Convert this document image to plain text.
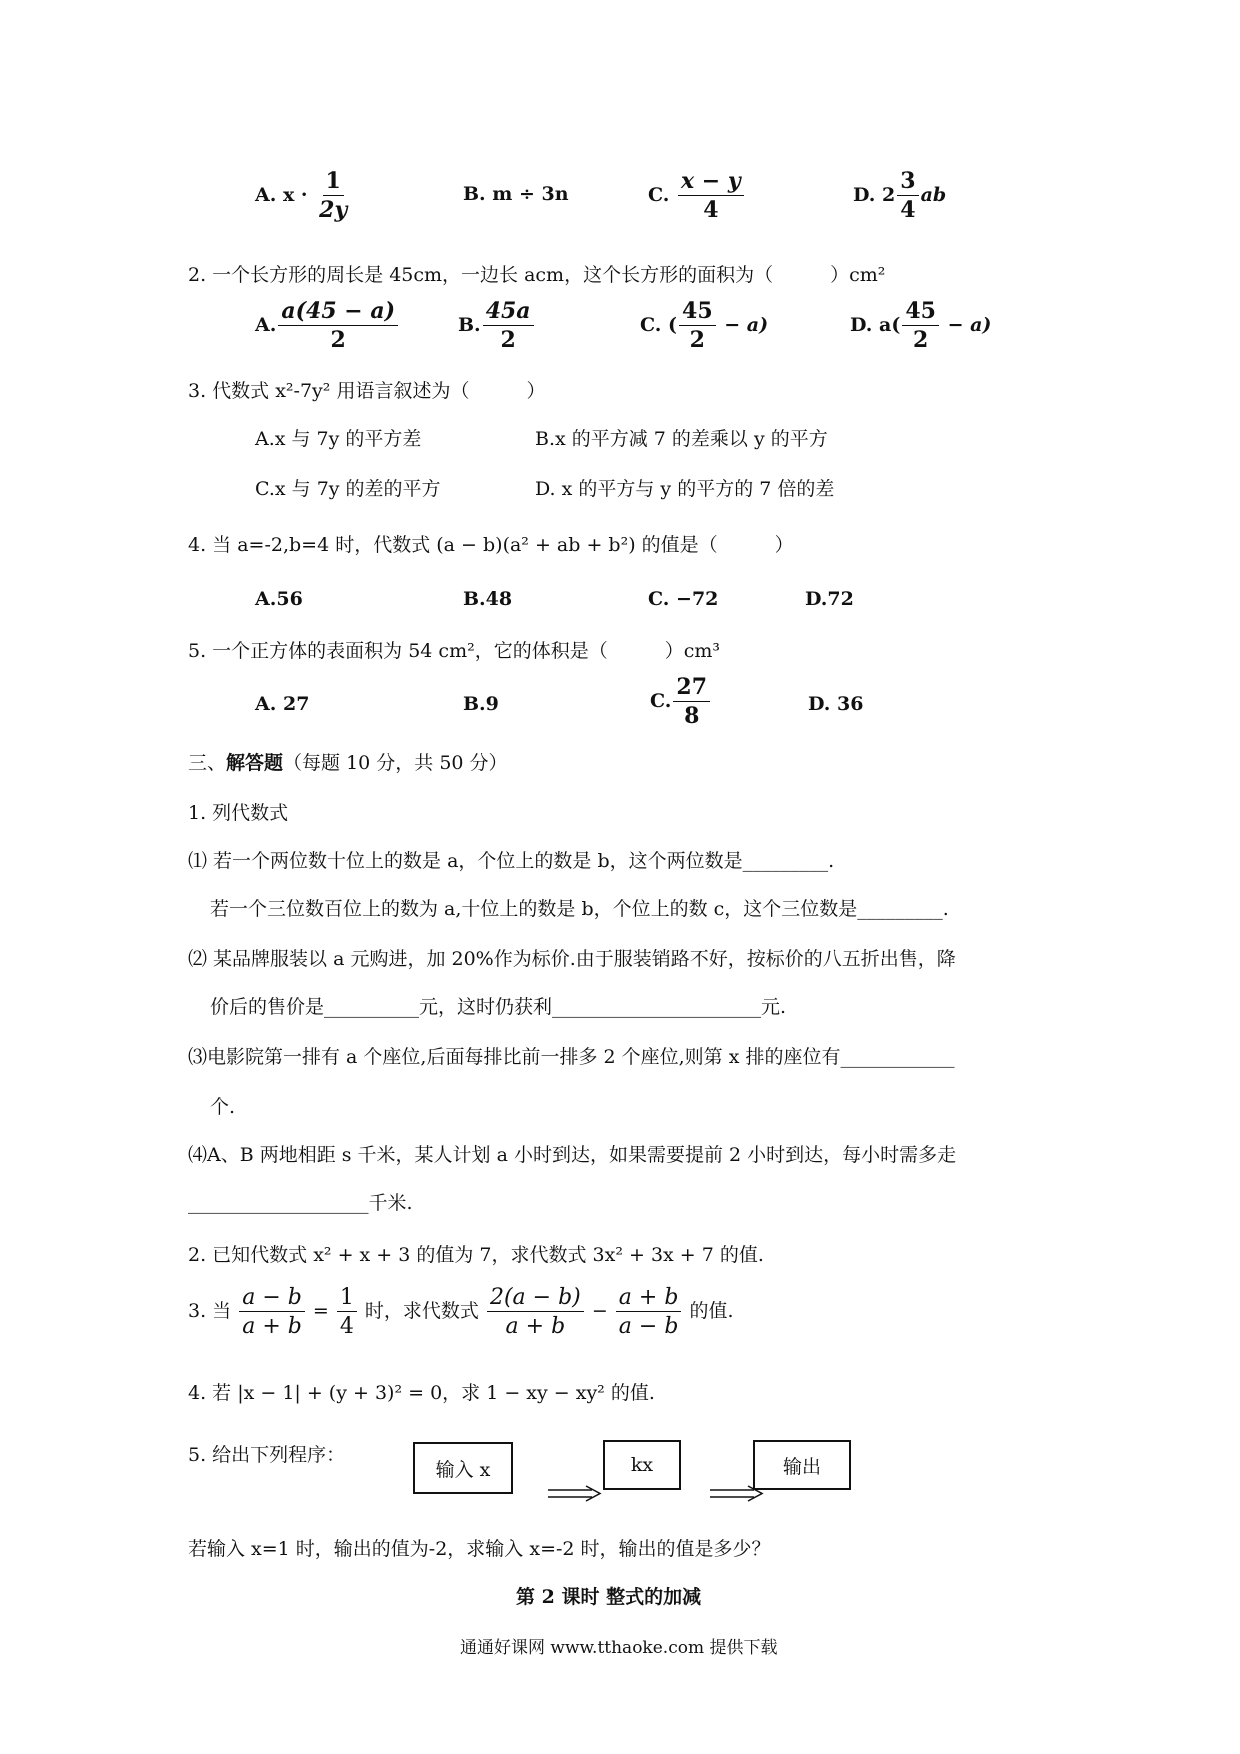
A. $x \cdot \frac{1}{2y}$	B. m ÷ 3n	C. $\frac{x - y}{4}$	D. $2 \frac{3}{4}$ ab
2. 一个长方形的周长是 45cm，一边长 acm，这个长方形的面积为（　　　）cm²
A. $\frac{a(45 - a)}{2}$	B. $\frac{45a}{2}$	C. ( $\frac{45}{2} - a$)	D. $a( \frac{45}{2} - a)$
3. 代数式 x²-7y² 用语言叙述为（　　　）
A.x 与 7y 的平方差	B.x 的平方减 7 的差乘以 y 的平方
C.x 与 7y 的差的平方	D. x 的平方与 y 的平方的 7 倍的差
4. 当 a=-2,b=4 时，代数式 (a − b)(a² + ab + b²) 的值是（　　　）
A.56	B.48	C. −72	D.72
5. 一个正方体的表面积为 54 cm²，它的体积是（　　　）cm³
A. 27	B.9	C. $\frac{27}{8}$	D. 36
三、解答题（每题 10 分，共 50 分）
1. 列代数式
⑴ 若一个两位数十位上的数是 a，个位上的数是 b，这个两位数是_________.
若一个三位数百位上的数为 a,十位上的数是 b，个位上的数 c，这个三位数是_________.
⑵ 某品牌服装以 a 元购进，加 20%作为标价.由于服装销路不好，按标价的八五折出售，降
价后的售价是__________元，这时仍获利______________________元.
⑶电影院第一排有 a 个座位,后面每排比前一排多 2 个座位,则第 x 排的座位有____________
个.
⑷A、B 两地相距 s 千米，某人计划 a 小时到达，如果需要提前 2 小时到达，每小时需多走
___________________千米.
2. 已知代数式 x² + x + 3 的值为 7，求代数式 3x² + 3x + 7 的值.
3. 当 $\frac{a - b}{a + b} = \frac{1}{4}$ 时，求代数式 $\frac{2(a - b)}{a + b} - \frac{a + b}{a - b}$ 的值.
4. 若 |x − 1| + (y + 3)² = 0，求 1 − xy − xy² 的值.
5. 给出下列程序：
输入 x	kx	输出
若输入 x=1 时，输出的值为-2，求输入 x=-2 时，输出的值是多少？
第 2 课时 整式的加减
通通好课网 www.tthaoke.com 提供下载
